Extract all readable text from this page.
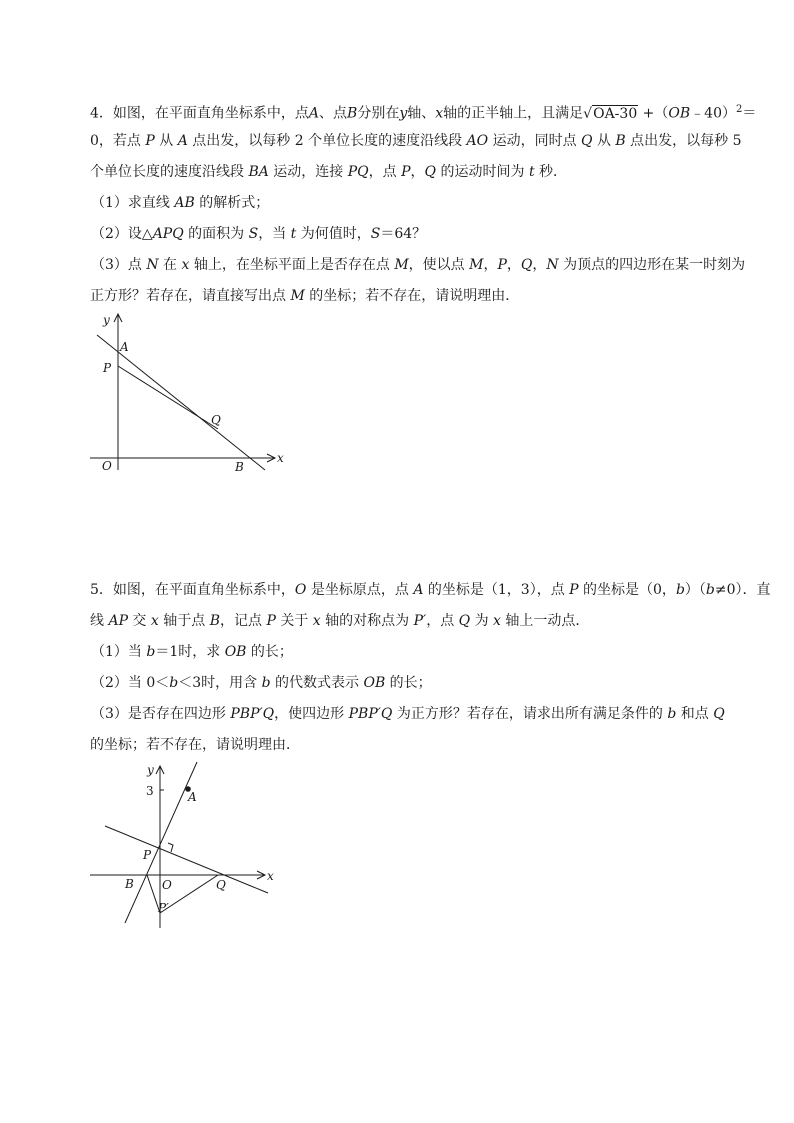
4．如图，在平面直角坐标系中，点A、点B分别在y轴、x轴的正半轴上，且满足√OA-30 +（OB﹣40）$^2$＝
0，若点 P 从 A 点出发，以每秒 2 个单位长度的速度沿线段 AO 运动，同时点 Q 从 B 点出发，以每秒 5
个单位长度的速度沿线段 BA 运动，连接 PQ，点 P，Q 的运动时间为 t 秒．
（1）求直线 AB 的解析式；
（2）设△APQ 的面积为 S，当 t 为何值时，S＝64？
（3）点 N 在 x 轴上，在坐标平面上是否存在点 M，使以点 M，P，Q，N 为顶点的四边形在某一时刻为
正方形？若存在，请直接写出点 M 的坐标；若不存在，请说明理由．
y
x
A
P
Q
O	B
5．如图，在平面直角坐标系中，O 是坐标原点，点 A 的坐标是（1，3），点 P 的坐标是（0，b）（b≠0）．直
线 AP 交 x 轴于点 B，记点 P 关于 x 轴的对称点为 P′，点 Q 为 x 轴上一动点．
（1）当 b＝1时，求 OB 的长；
（2）当 0＜b＜3时，用含 b 的代数式表示 OB 的长；
（3）是否存在四边形 PBP′Q，使四边形 PBP′Q 为正方形？若存在，请求出所有满足条件的 b 和点 Q
的坐标；若不存在，请说明理由．
y
x
3	A
P
B O	Q
P′
